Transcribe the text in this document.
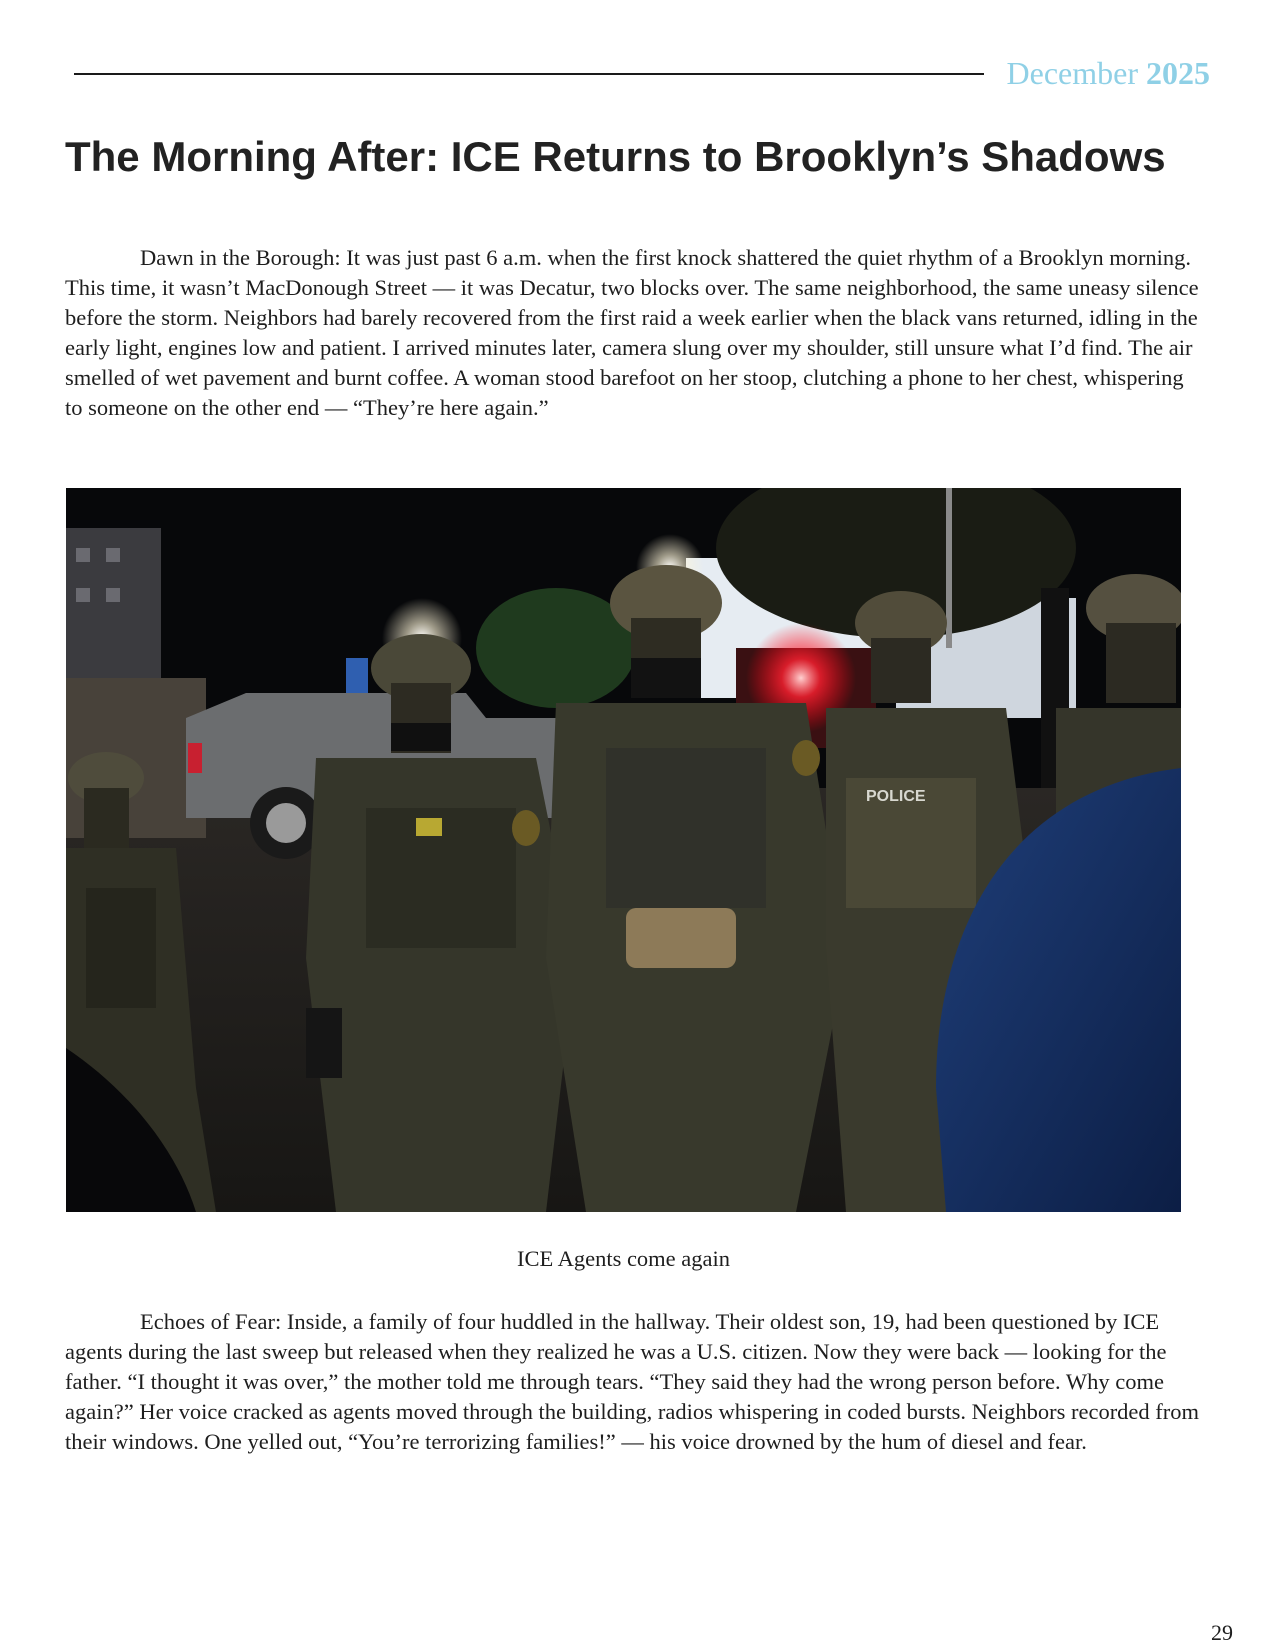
December 2025
The Morning After: ICE Returns to Brooklyn’s Shadows

Dawn in the Borough: It was just past 6 a.m. when the first knock shattered the quiet rhythm of a Brooklyn morning. This time, it wasn’t MacDonough Street — it was Decatur, two blocks over. The same neighborhood, the same uneasy silence before the storm. Neighbors had barely recovered from the first raid a week earlier when the black vans returned, idling in the early light, engines low and patient. I arrived minutes later, camera slung over my shoulder, still unsure what I’d find. The air smelled of wet pavement and burnt coffee. A woman stood barefoot on her stoop, clutching a phone to her chest, whispering to someone on the other end — “They’re here again.”

POLICE
ICE Agents come again

Echoes of Fear: Inside, a family of four huddled in the hallway. Their oldest son, 19, had been questioned by ICE agents during the last sweep but released when they realized he was a U.S. citizen. Now they were back — looking for the father. “I thought it was over,” the mother told me through tears. “They said they had the wrong person before. Why come again?” Her voice cracked as agents moved through the building, radios whispering in coded bursts. Neighbors recorded from their windows. One yelled out, “You’re terrorizing families!” — his voice drowned by the hum of diesel and fear.

29
